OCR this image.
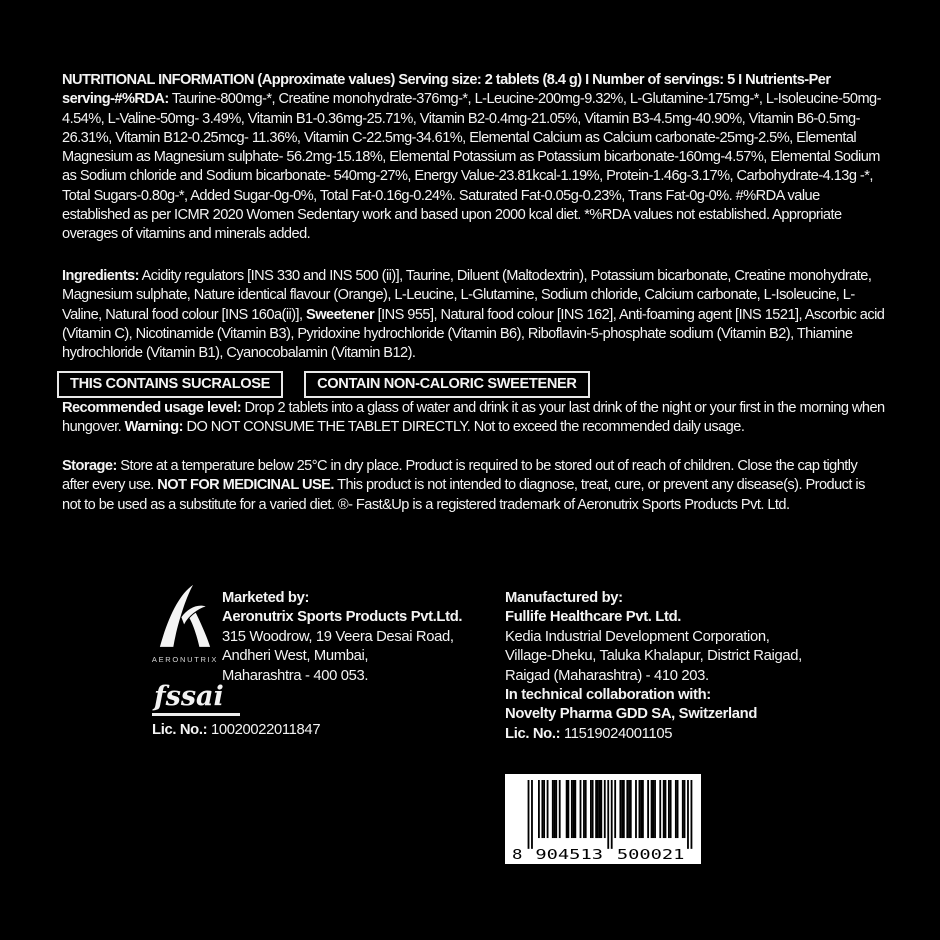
NUTRITIONAL INFORMATION (Approximate values) Serving size: 2 tablets (8.4 g) I Number of servings: 5 I Nutrients-Per serving-#%RDA: Taurine-800mg-*, Creatine monohydrate-376mg-*, L-Leucine-200mg-9.32%, L-Glutamine-175mg-*, L-Isoleucine-50mg-4.54%, L-Valine-50mg- 3.49%, Vitamin B1-0.36mg-25.71%, Vitamin B2-0.4mg-21.05%, Vitamin B3-4.5mg-40.90%, Vitamin B6-0.5mg-26.31%, Vitamin B12-0.25mcg- 11.36%, Vitamin C-22.5mg-34.61%, Elemental Calcium as Calcium carbonate-25mg-2.5%, Elemental Magnesium as Magnesium sulphate- 56.2mg-15.18%, Elemental Potassium as Potassium bicarbonate-160mg-4.57%, Elemental Sodium as Sodium chloride and Sodium bicarbonate- 540mg-27%, Energy Value-23.81kcal-1.19%, Protein-1.46g-3.17%, Carbohydrate-4.13g -*, Total Sugars-0.80g-*, Added Sugar-0g-0%, Total Fat-0.16g-0.24%. Saturated Fat-0.05g-0.23%, Trans Fat-0g-0%. #%RDA value established as per ICMR 2020 Women Sedentary work and based upon 2000 kcal diet. *%RDA values not established. Appropriate overages of vitamins and minerals added.

Ingredients: Acidity regulators [INS 330 and INS 500 (ii)], Taurine, Diluent (Maltodextrin), Potassium bicarbonate, Creatine monohydrate, Magnesium sulphate, Nature identical flavour (Orange), L-Leucine, L-Glutamine, Sodium chloride, Calcium carbonate, L-Isoleucine, L-Valine, Natural food colour [INS 160a(ii)], Sweetener [INS 955], Natural food colour [INS 162], Anti-foaming agent [INS 1521], Ascorbic acid (Vitamin C), Nicotinamide (Vitamin B3), Pyridoxine hydrochloride (Vitamin B6), Riboflavin-5-phosphate sodium (Vitamin B2), Thiamine hydrochloride (Vitamin B1), Cyanocobalamin (Vitamin B12).

THIS CONTAINS SUCRALOSE	CONTAIN NON-CALORIC SWEETENER

Recommended usage level: Drop 2 tablets into a glass of water and drink it as your last drink of the night or your first in the morning when hungover. Warning: DO NOT CONSUME THE TABLET DIRECTLY. Not to exceed the recommended daily usage.

Storage: Store at a temperature below 25°C in dry place. Product is required to be stored out of reach of children. Close the cap tightly after every use. NOT FOR MEDICINAL USE. This product is not intended to diagnose, treat, cure, or prevent any disease(s). Product is not to be used as a substitute for a varied diet. ®- Fast&Up is a registered trademark of Aeronutrix Sports Products Pvt. Ltd.

AERONUTRIX
Marketed by:
Aeronutrix Sports Products Pvt.Ltd.
315 Woodrow, 19 Veera Desai Road,
Andheri West, Mumbai,
Maharashtra - 400 053.
fssai
Lic. No.: 10020022011847
Manufactured by:
Fullife Healthcare Pvt. Ltd.
Kedia Industrial Development Corporation,
Village-Dheku, Taluka Khalapur, District Raigad,
Raigad (Maharashtra) - 410 203.
In technical collaboration with:
Novelty Pharma GDD SA, Switzerland
Lic. No.: 11519024001105
8 904513 500021
